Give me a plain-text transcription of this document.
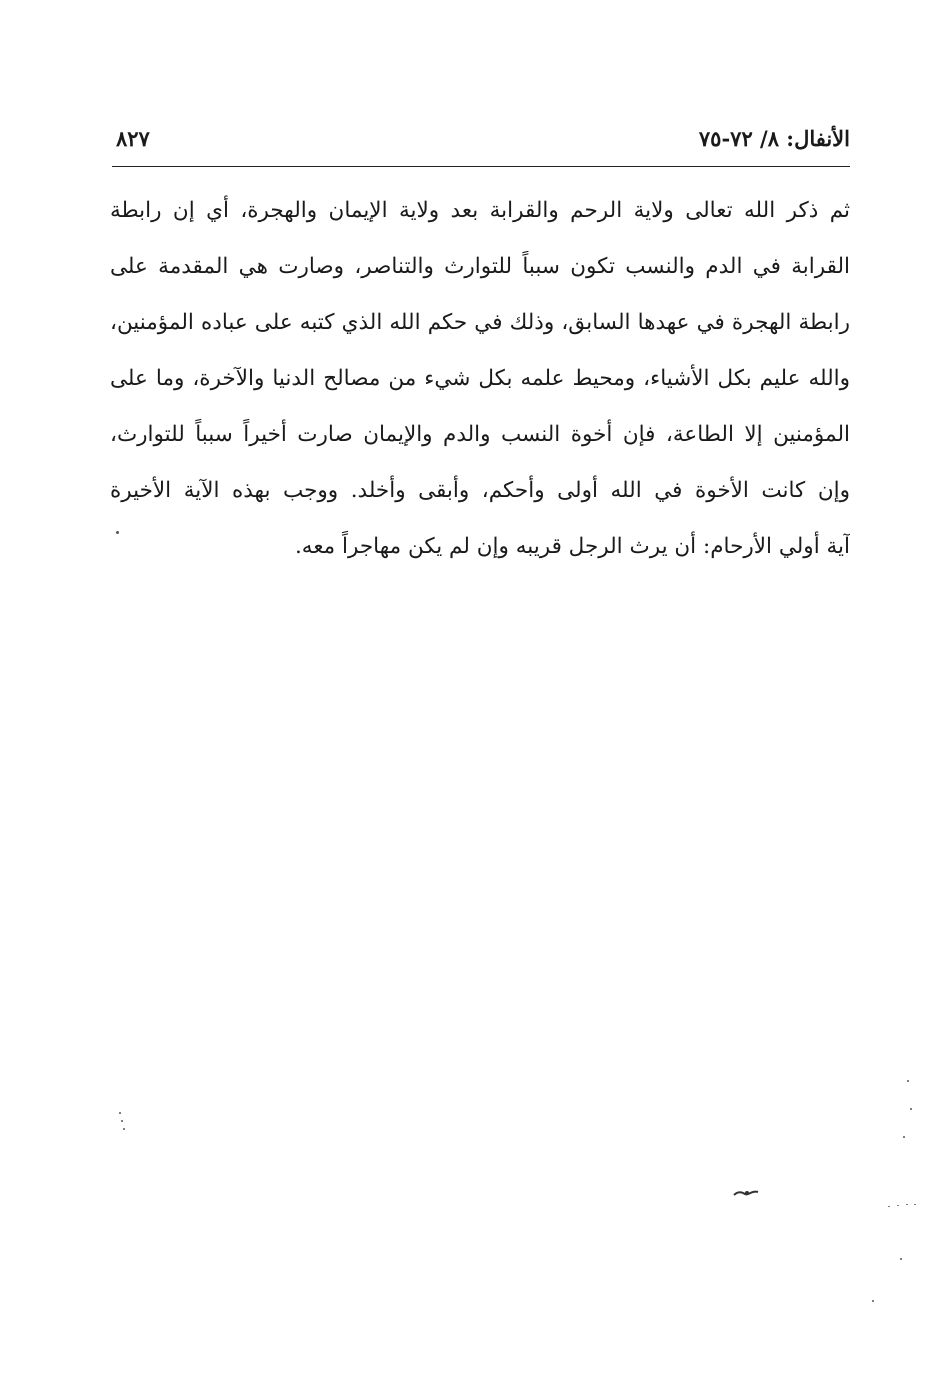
الأنفال: ٨/ ٧٢-٧٥
٨٢٧
ثم ذكر الله تعالى ولاية الرحم والقرابة بعد ولاية الإيمان والهجرة، أي إن رابطة
القرابة في الدم والنسب تكون سبباً للتوارث والتناصر، وصارت هي المقدمة على
رابطة الهجرة في عهدها السابق، وذلك في حكم الله الذي كتبه على عباده المؤمنين،
والله عليم بكل الأشياء، ومحيط علمه بكل شيء من مصالح الدنيا والآخرة، وما على
المؤمنين إلا الطاعة، فإن أخوة النسب والدم والإيمان صارت أخيراً سبباً للتوارث،
وإن كانت الأخوة في الله أولى وأحكم، وأبقى وأخلد. ووجب بهذه الآية الأخيرة
آية أولي الأرحام: أن يرث الرجل قريبه وإن لم يكن مهاجراً معه.
